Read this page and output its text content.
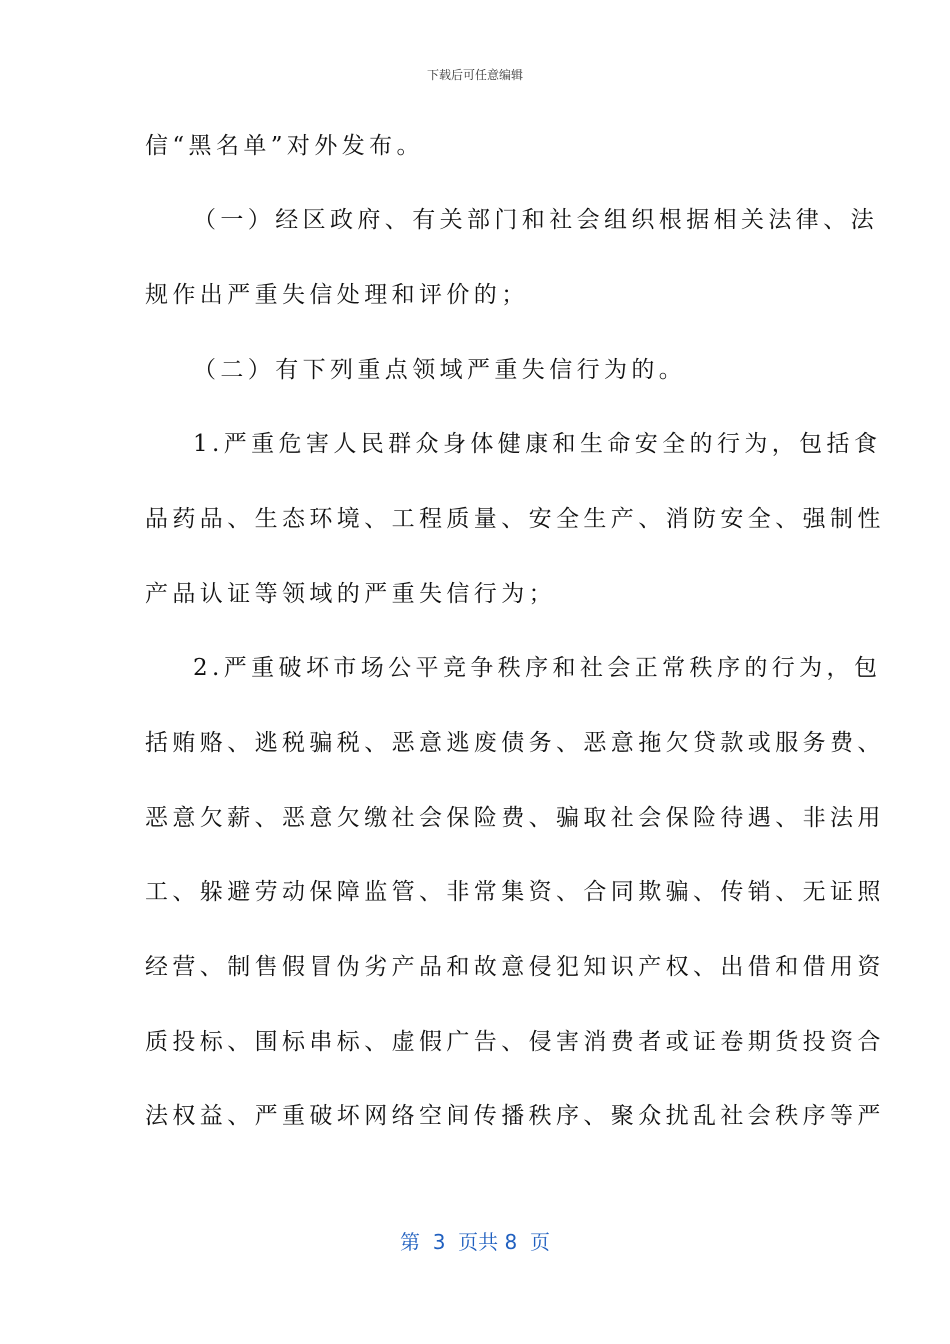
下载后可任意编辑
信“黑名单”对外发布。
（一）经区政府、有关部门和社会组织根据相关法律、法
规作出严重失信处理和评价的；
（二）有下列重点领域严重失信行为的。
1.严重危害人民群众身体健康和生命安全的行为，包括食
品药品、生态环境、工程质量、安全生产、消防安全、强制性
产品认证等领域的严重失信行为；
2.严重破坏市场公平竞争秩序和社会正常秩序的行为，包
括贿赂、逃税骗税、恶意逃废债务、恶意拖欠贷款或服务费、
恶意欠薪、恶意欠缴社会保险费、骗取社会保险待遇、非法用
工、躲避劳动保障监管、非常集资、合同欺骗、传销、无证照
经营、制售假冒伪劣产品和故意侵犯知识产权、出借和借用资
质投标、围标串标、虚假广告、侵害消费者或证卷期货投资合
法权益、严重破坏网络空间传播秩序、聚众扰乱社会秩序等严
第  3  页共 8  页
